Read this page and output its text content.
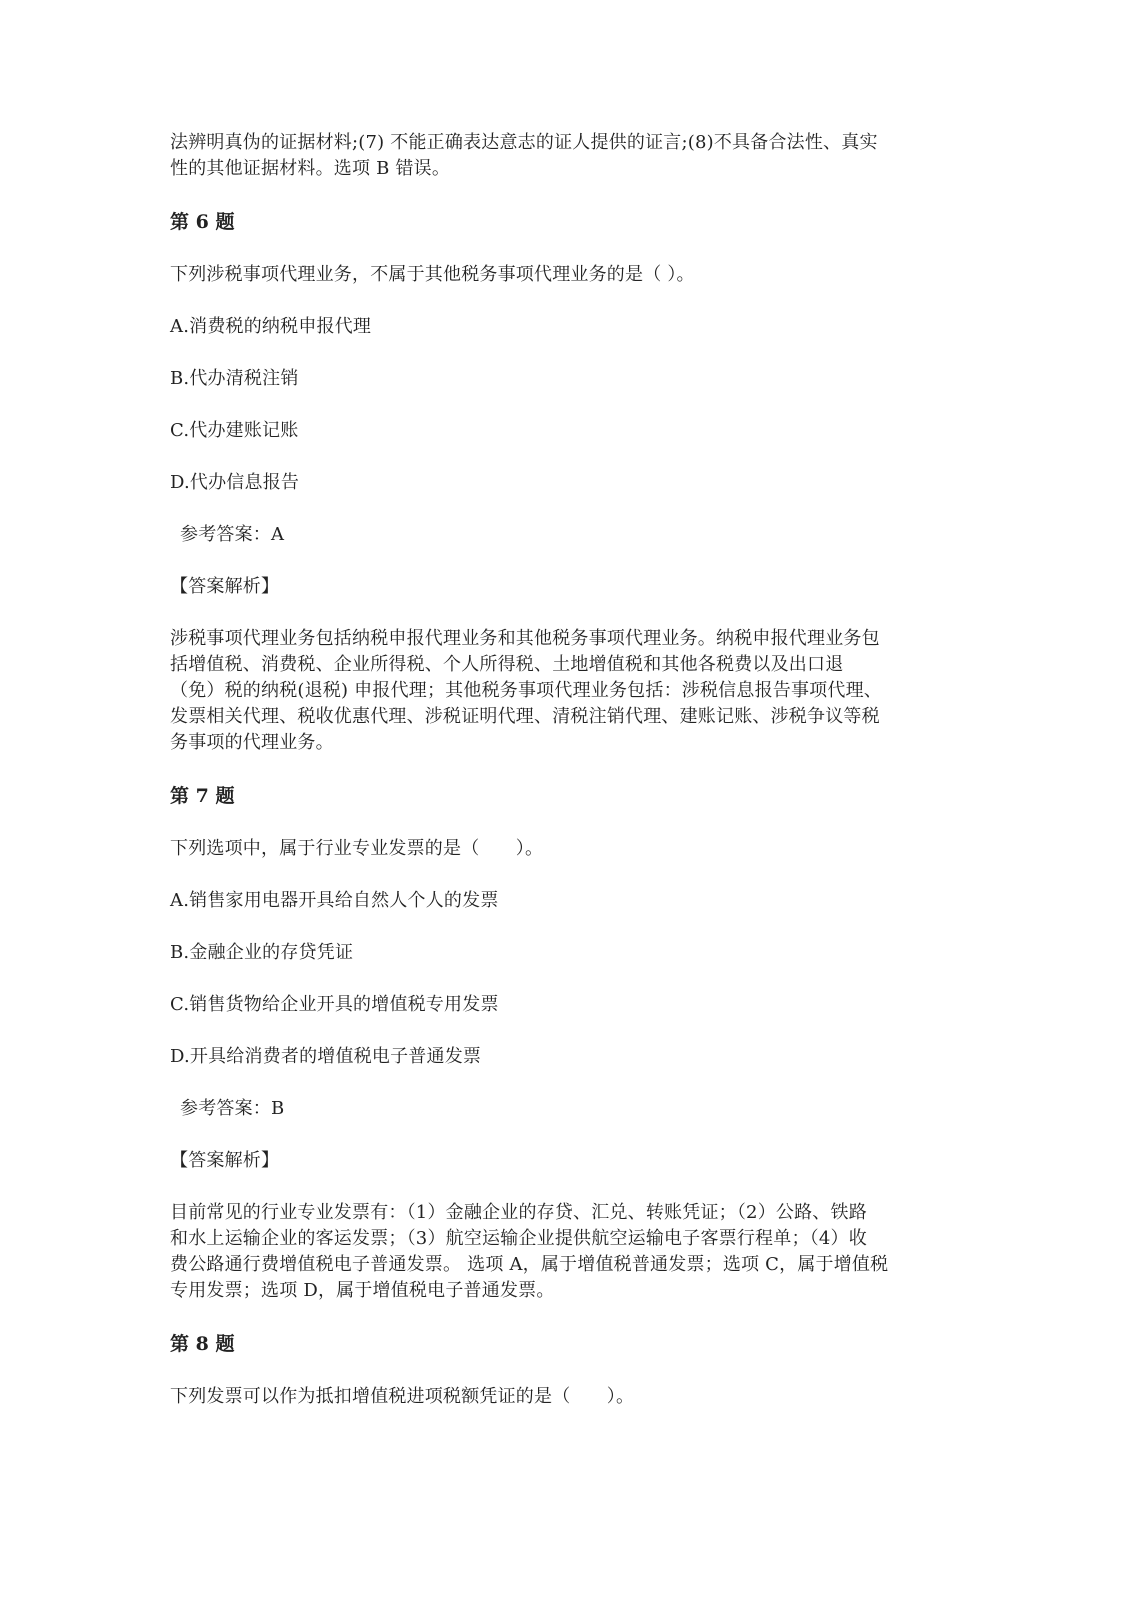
法辨明真伪的证据材料;(7) 不能正确表达意志的证人提供的证言;(8)不具备合法性、真实

性的其他证据材料。选项 B 错误。

第 6 题

下列涉税事项代理业务，不属于其他税务事项代理业务的是（ ）。

A.消费税的纳税申报代理

B.代办清税注销

C.代办建账记账

D.代办信息报告

参考答案：A

【答案解析】

涉税事项代理业务包括纳税申报代理业务和其他税务事项代理业务。纳税申报代理业务包

括增值税、消费税、企业所得税、个人所得税、土地增值税和其他各税费以及出口退

（免）税的纳税(退税) 申报代理；其他税务事项代理业务包括：涉税信息报告事项代理、

发票相关代理、税收优惠代理、涉税证明代理、清税注销代理、建账记账、涉税争议等税

务事项的代理业务。

第 7 题

下列选项中，属于行业专业发票的是（　　）。

A.销售家用电器开具给自然人个人的发票

B.金融企业的存贷凭证

C.销售货物给企业开具的增值税专用发票

D.开具给消费者的增值税电子普通发票

参考答案：B

【答案解析】

目前常见的行业专业发票有：（1）金融企业的存贷、汇兑、转账凭证；（2）公路、铁路

和水上运输企业的客运发票；（3）航空运输企业提供航空运输电子客票行程单；（4）收

费公路通行费增值税电子普通发票。 选项 A，属于增值税普通发票；选项 C，属于增值税

专用发票；选项 D，属于增值税电子普通发票。

第 8 题

下列发票可以作为抵扣增值税进项税额凭证的是（　　）。
